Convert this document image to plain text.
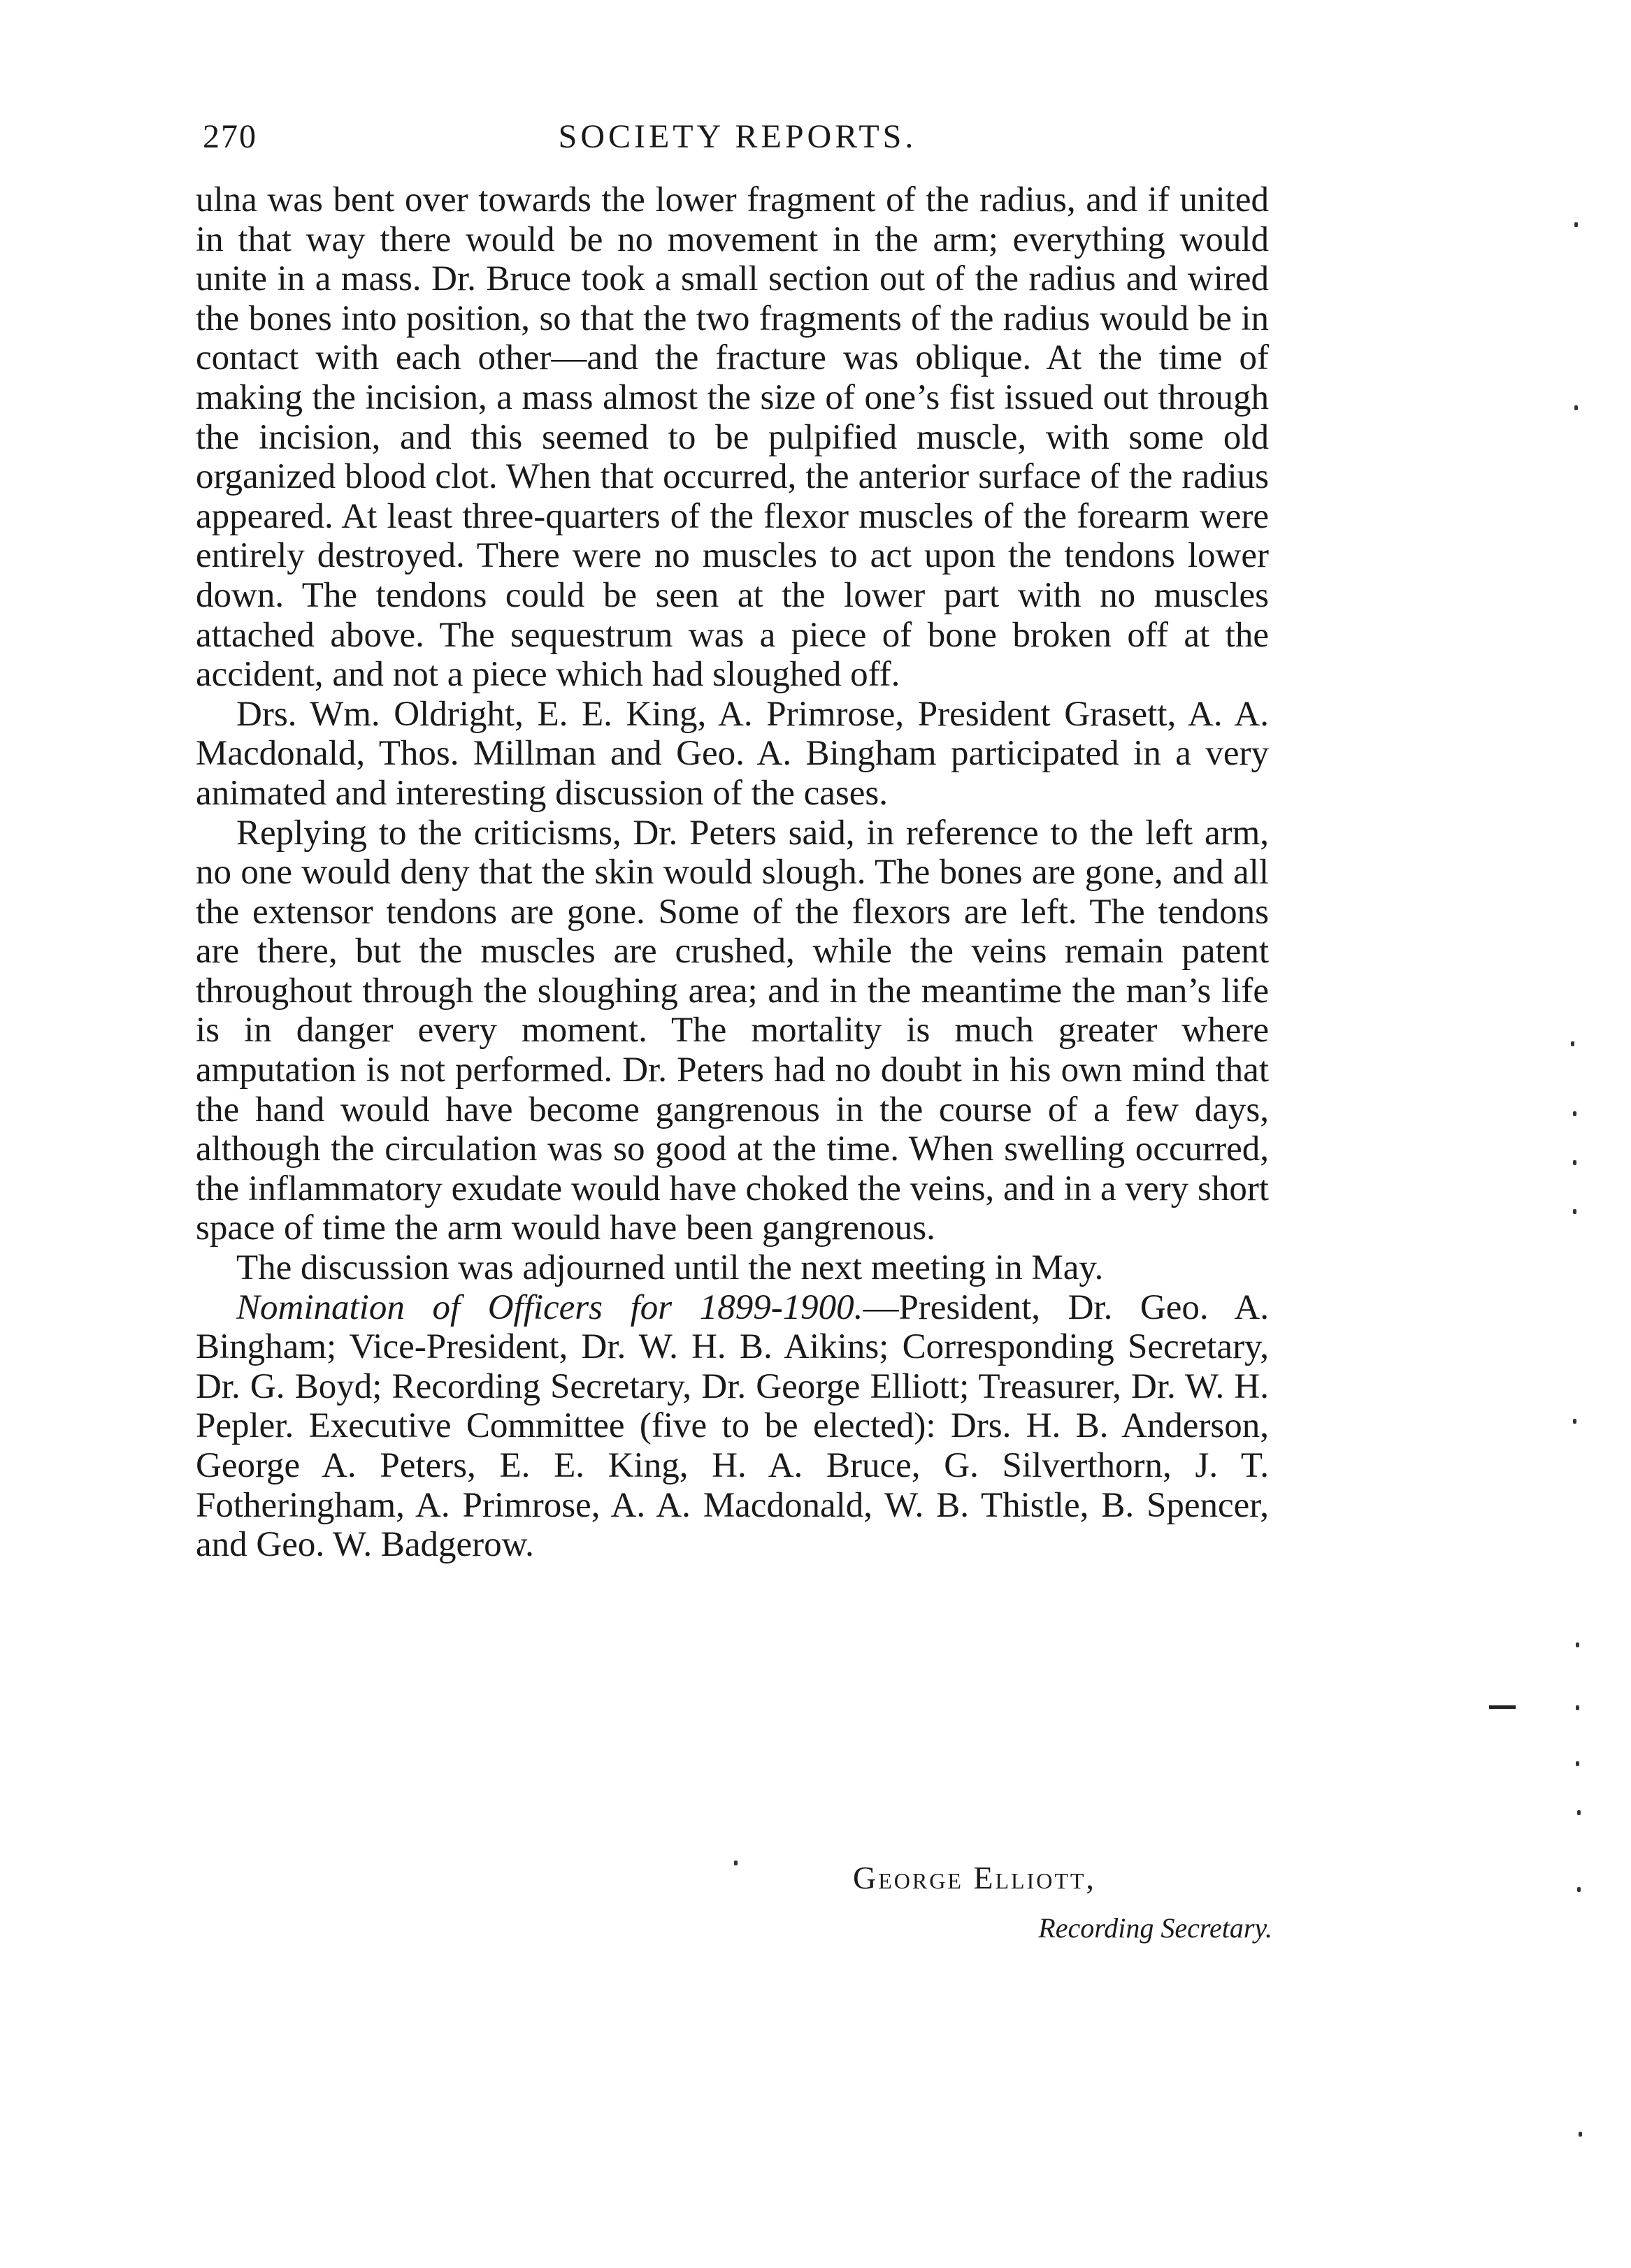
270	SOCIETY REPORTS.

ulna was bent over towards the lower fragment of the radius, and if united in that way there would be no movement in the arm; everything would unite in a mass. Dr. Bruce took a small section out of the radius and wired the bones into position, so that the two fragments of the radius would be in contact with each other—and the fracture was oblique. At the time of making the incision, a mass almost the size of one’s fist issued out through the incision, and this seemed to be pulpified muscle, with some old organized blood clot. When that occurred, the anterior surface of the radius appeared. At least three-quarters of the flexor muscles of the forearm were entirely destroyed. There were no muscles to act upon the tendons lower down. The tendons could be seen at the lower part with no muscles attached above. The sequestrum was a piece of bone broken off at the accident, and not a piece which had sloughed off.

Drs. Wm. Oldright, E. E. King, A. Primrose, President Grasett, A. A. Macdonald, Thos. Millman and Geo. A. Bingham participated in a very animated and interesting discussion of the cases.

Replying to the criticisms, Dr. Peters said, in reference to the left arm, no one would deny that the skin would slough. The bones are gone, and all the extensor tendons are gone. Some of the flexors are left. The tendons are there, but the muscles are crushed, while the veins remain patent throughout through the sloughing area; and in the meantime the man’s life is in danger every moment. The mortality is much greater where amputation is not performed. Dr. Peters had no doubt in his own mind that the hand would have become gangrenous in the course of a few days, although the circulation was so good at the time. When swelling occurred, the inflammatory exudate would have choked the veins, and in a very short space of time the arm would have been gangrenous.

The discussion was adjourned until the next meeting in May.

Nomination of Officers for 1899-1900.—President, Dr. Geo. A. Bingham; Vice-President, Dr. W. H. B. Aikins; Corresponding Secretary, Dr. G. Boyd; Recording Secretary, Dr. George Elliott; Treasurer, Dr. W. H. Pepler. Executive Committee (five to be elected): Drs. H. B. Anderson, George A. Peters, E. E. King, H. A. Bruce, G. Silverthorn, J. T. Fotheringham, A. Primrose, A. A. Macdonald, W. B. Thistle, B. Spencer, and Geo. W. Badgerow.

George Elliott,
Recording Secretary.
